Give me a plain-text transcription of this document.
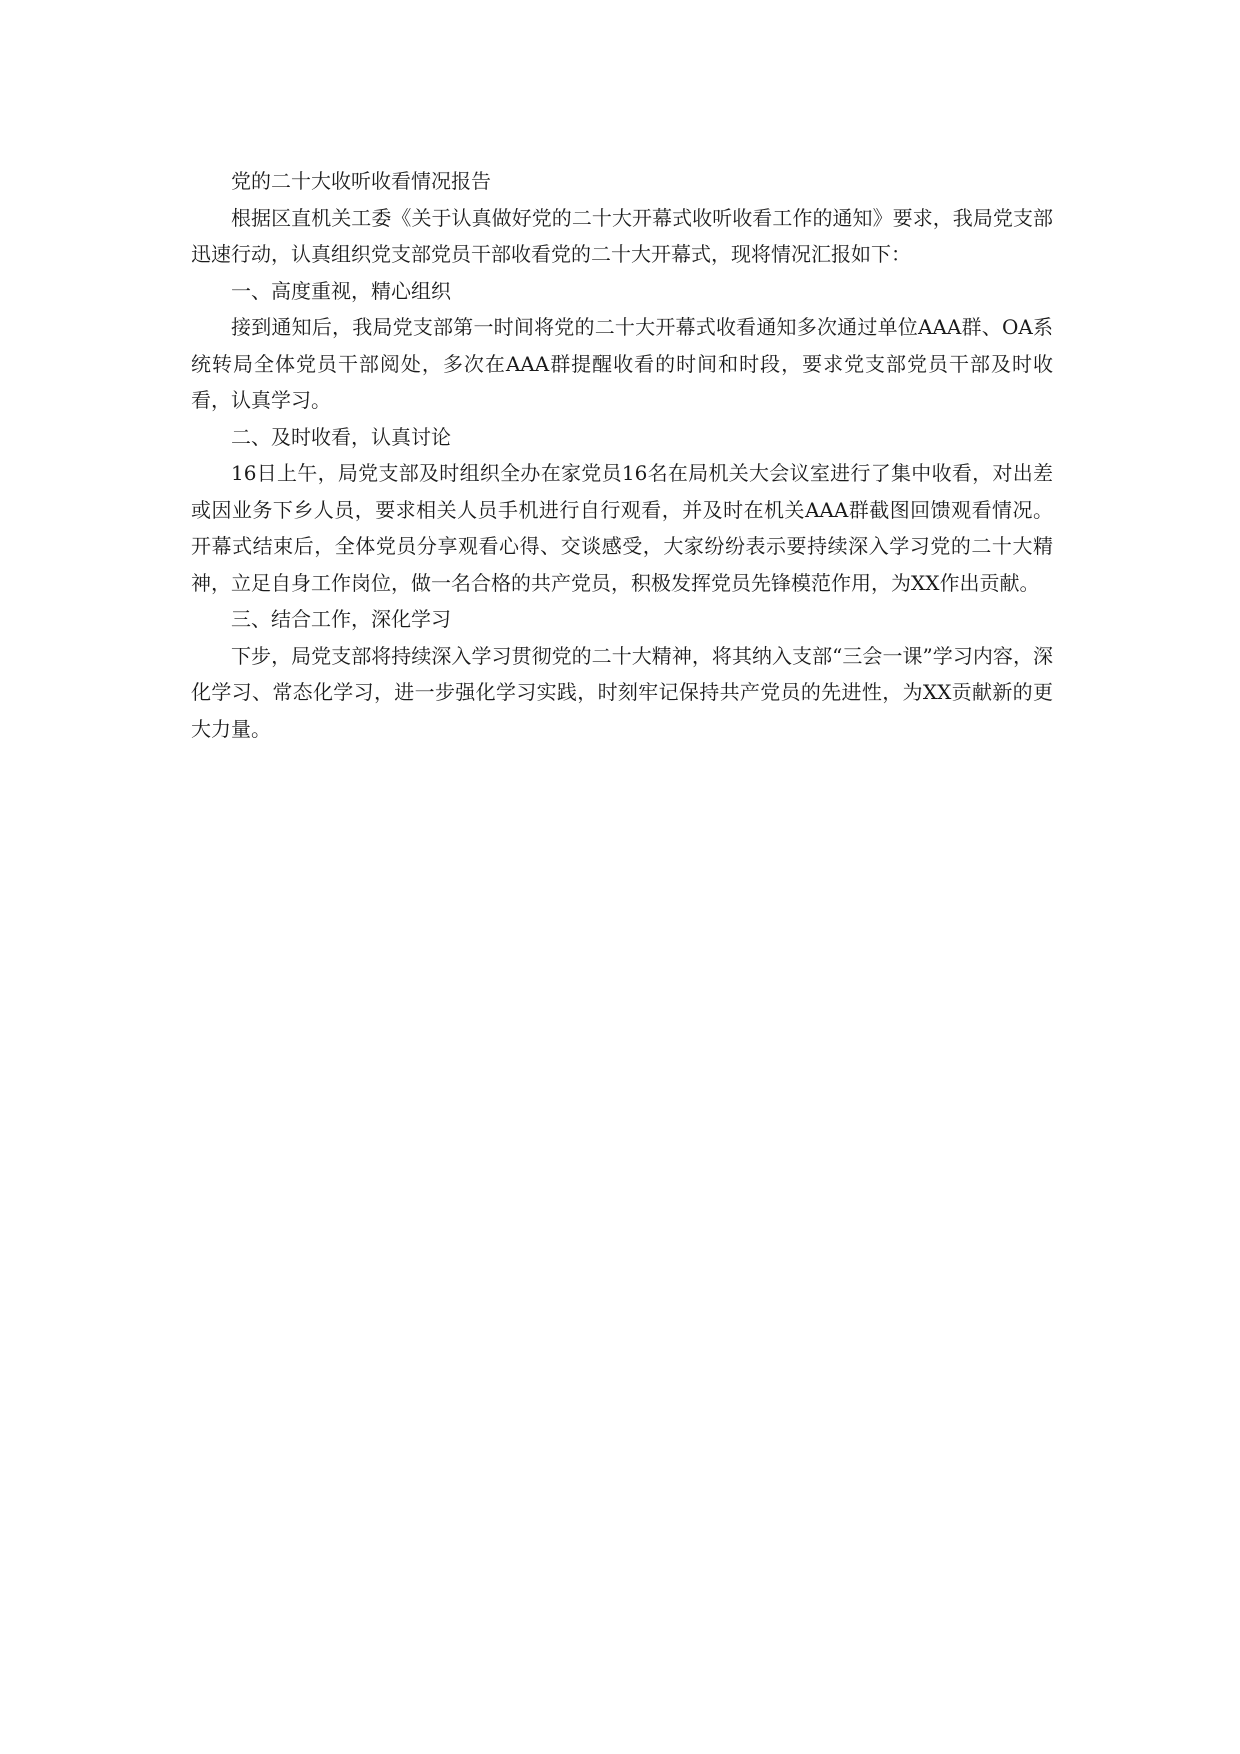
党的二十大收听收看情况报告

根据区直机关工委《关于认真做好党的二十大开幕式收听收看工作的通知》要求，我局党支部迅速行动，认真组织党支部党员干部收看党的二十大开幕式，现将情况汇报如下：

一、高度重视，精心组织

接到通知后，我局党支部第一时间将党的二十大开幕式收看通知多次通过单位AAA群、OA系统转局全体党员干部阅处，多次在AAA群提醒收看的时间和时段，要求党支部党员干部及时收看，认真学习。

二、及时收看，认真讨论

16日上午，局党支部及时组织全办在家党员16名在局机关大会议室进行了集中收看，对出差或因业务下乡人员，要求相关人员手机进行自行观看，并及时在机关AAA群截图回馈观看情况。开幕式结束后，全体党员分享观看心得、交谈感受，大家纷纷表示要持续深入学习党的二十大精神，立足自身工作岗位，做一名合格的共产党员，积极发挥党员先锋模范作用，为XX作出贡献。

三、结合工作，深化学习

下步，局党支部将持续深入学习贯彻党的二十大精神，将其纳入支部“三会一课”学习内容，深化学习、常态化学习，进一步强化学习实践，时刻牢记保持共产党员的先进性，为XX贡献新的更大力量。
